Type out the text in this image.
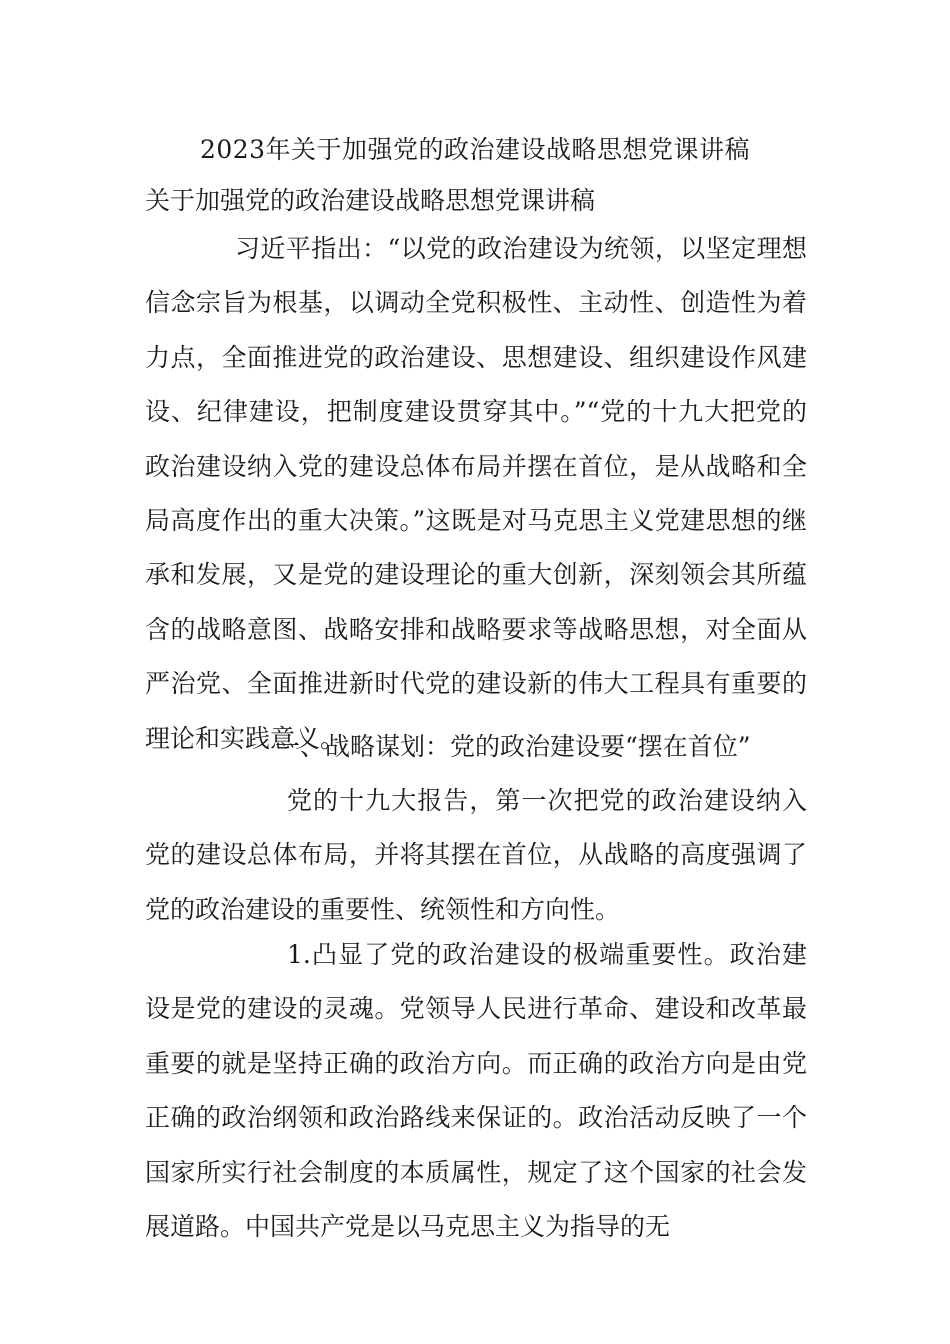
2023年关于加强党的政治建设战略思想党课讲稿
关于加强党的政治建设战略思想党课讲稿

习近平指出：“以党的政治建设为统领，以坚定理想信念宗旨为根基，以调动全党积极性、主动性、创造性为着力点，全面推进党的政治建设、思想建设、组织建设作风建设、纪律建设，把制度建设贯穿其中。”“党的十九大把党的政治建设纳入党的建设总体布局并摆在首位，是从战略和全局高度作出的重大决策。”这既是对马克思主义党建思想的继承和发展，又是党的建设理论的重大创新，深刻领会其所蕴含的战略意图、战略安排和战略要求等战略思想，对全面从严治党、全面推进新时代党的建设新的伟大工程具有重要的理论和实践意义。

一、战略谋划：党的政治建设要“摆在首位”

党的十九大报告，第一次把党的政治建设纳入党的建设总体布局，并将其摆在首位，从战略的高度强调了党的政治建设的重要性、统领性和方向性。

1.凸显了党的政治建设的极端重要性。政治建设是党的建设的灵魂。党领导人民进行革命、建设和改革最重要的就是坚持正确的政治方向。而正确的政治方向是由党正确的政治纲领和政治路线来保证的。政治活动反映了一个国家所实行社会制度的本质属性，规定了这个国家的社会发展道路。中国共产党是以马克思主义为指导的无
